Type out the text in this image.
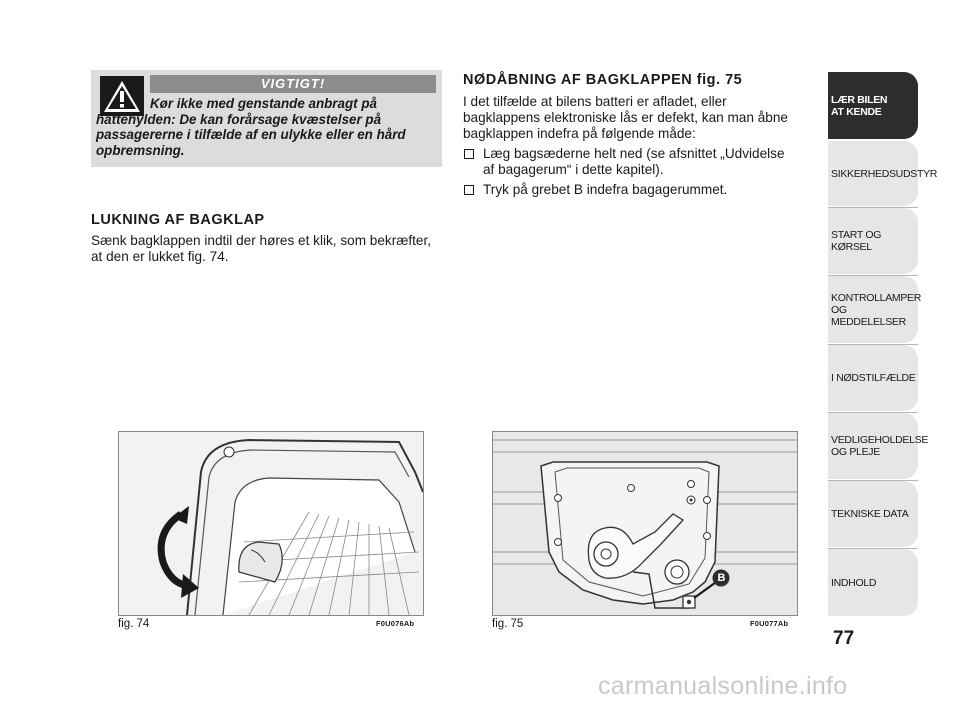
VIGTIGT!
Kør ikke med genstande anbragt på hattehylden: De kan forårsage kvæstelser på passagererne i tilfælde af en ulykke eller en hård opbremsning.
LUKNING AF BAGKLAP
Sænk bagklappen indtil der høres et klik, som bekræfter, at den er lukket fig. 74.
NØDÅBNING AF BAGKLAPPEN fig. 75
I det tilfælde at bilens batteri er afladet, eller bagklappens elektroniske lås er defekt, kan man åbne bagklappen indefra på følgende måde:
Læg bagsæderne helt ned (se afsnittet „Udvidelse af bagagerum“ i dette kapitel).
Tryk på grebet B indefra bagagerummet.
fig. 74	F0U076Ab
B
fig. 75	F0U077Ab
LÆR BILEN
AT KENDE
SIKKERHEDSUDSTYR
START OG KØRSEL
KONTROLLAMPER
OG MEDDELELSER
I NØDSTILFÆLDE
VEDLIGEHOLDELSE
OG PLEJE
TEKNISKE DATA
INDHOLD
77
carmanualsonline.info
